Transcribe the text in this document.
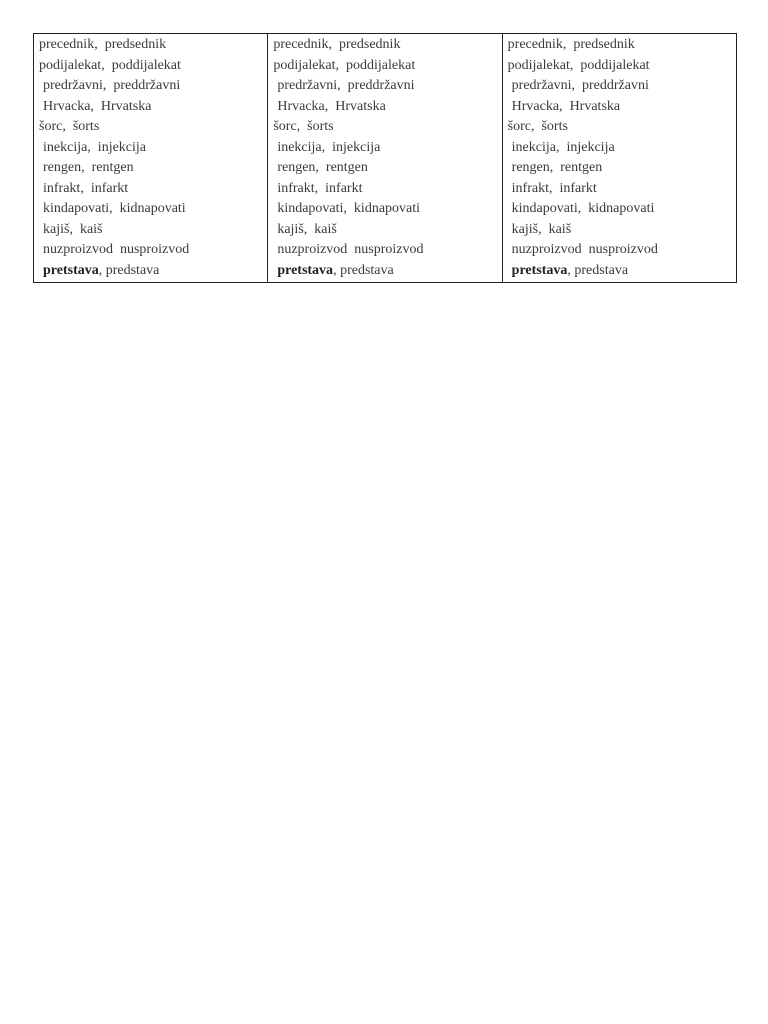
precednik,  predsednik
podijalekat,  poddijalekat
predržavni,  preddržavni
Hrvacka,  Hrvatska
šorc,  šorts
inekcija,  injekcija
rengen,  rentgen
infrakt,  infarkt
kindapovati,  kidnapovati
kajiš,  kaiš
nuzproizvod  nusproizvod
pretstava, predstava

precednik,  predsednik
podijalekat,  poddijalekat
predržavni,  preddržavni
Hrvacka,  Hrvatska
šorc,  šorts
inekcija,  injekcija
rengen,  rentgen
infrakt,  infarkt
kindapovati,  kidnapovati
kajiš,  kaiš
nuzproizvod  nusproizvod
pretstava, predstava

precednik,  predsednik
podijalekat,  poddijalekat
predržavni,  preddržavni
Hrvacka,  Hrvatska
šorc,  šorts
inekcija,  injekcija
rengen,  rentgen
infrakt,  infarkt
kindapovati,  kidnapovati
kajiš,  kaiš
nuzproizvod  nusproizvod
pretstava, predstava
